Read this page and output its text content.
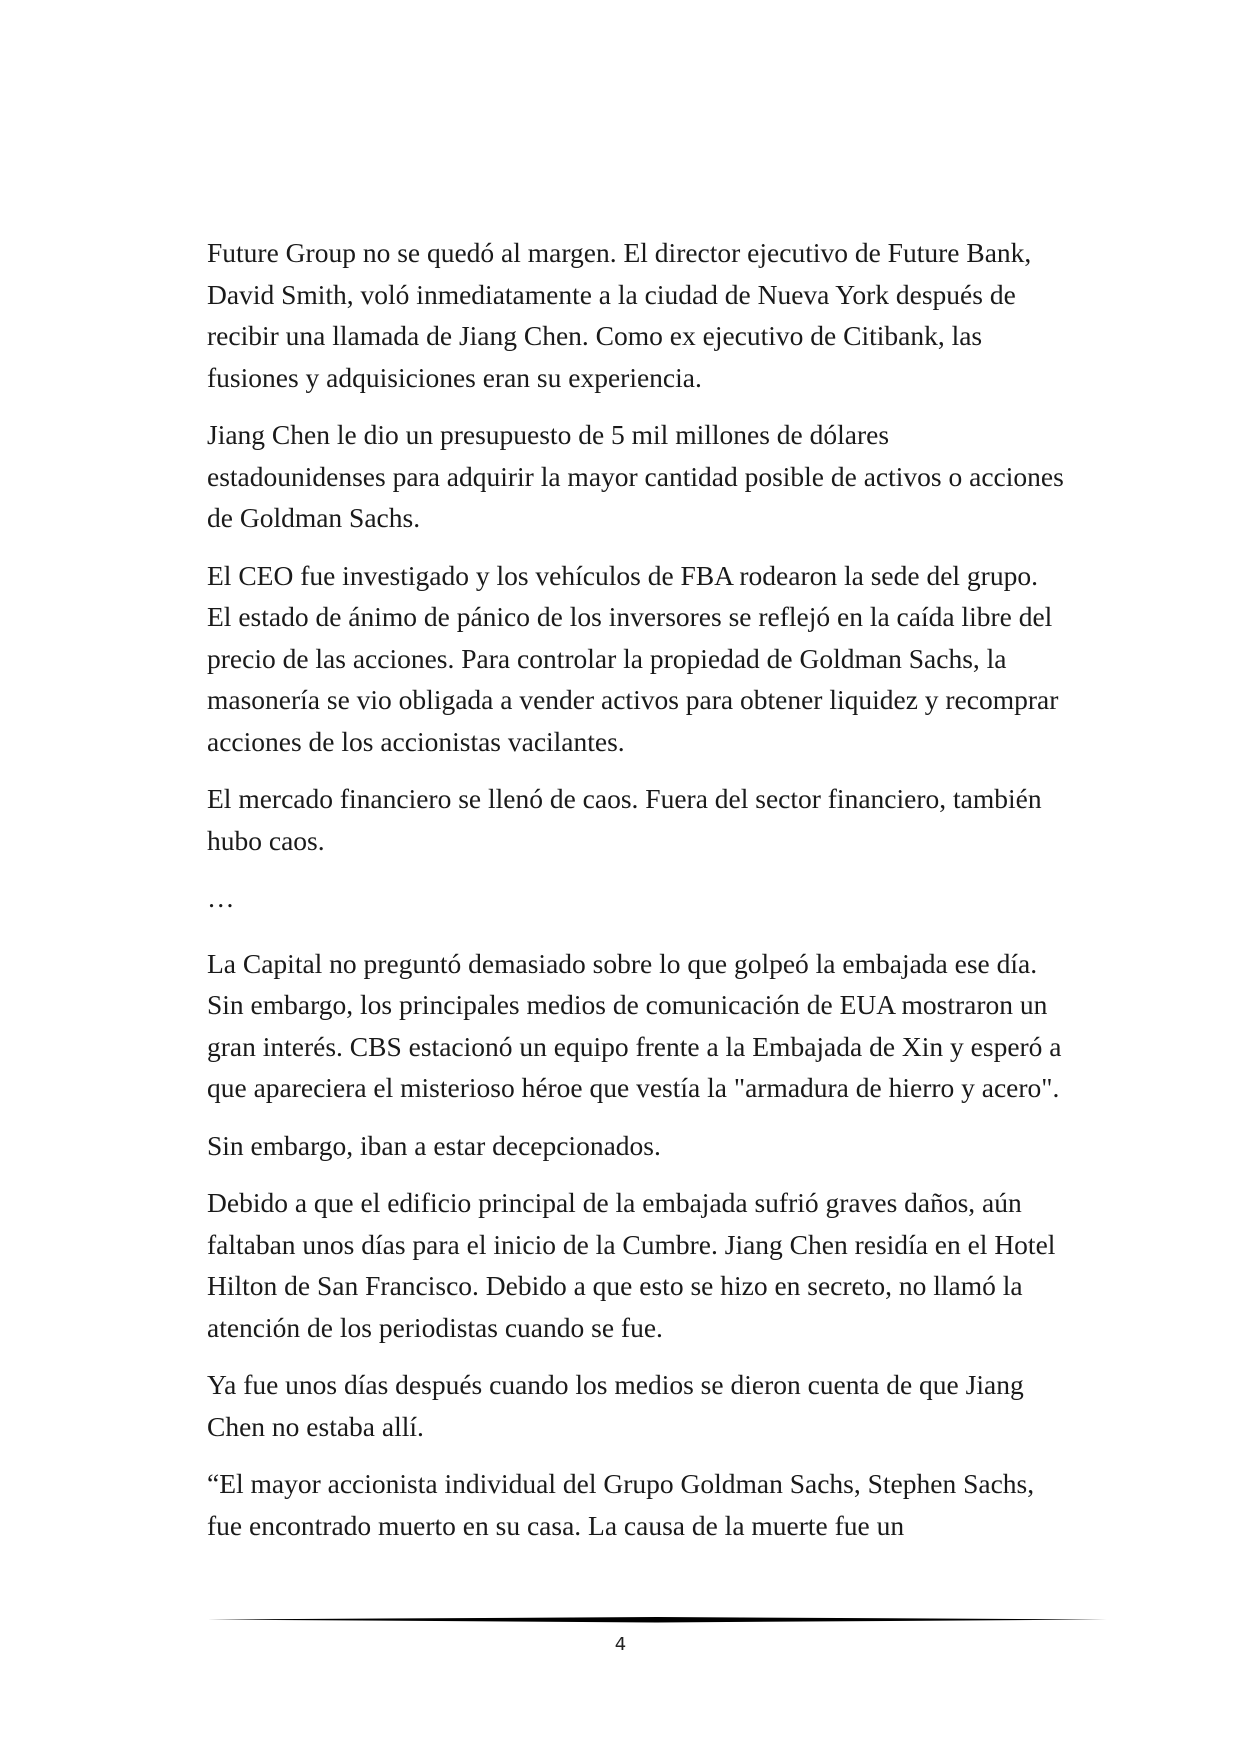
Future Group no se quedó al margen. El director ejecutivo de Future Bank, David Smith, voló inmediatamente a la ciudad de Nueva York después de recibir una llamada de Jiang Chen. Como ex ejecutivo de Citibank, las fusiones y adquisiciones eran su experiencia.

Jiang Chen le dio un presupuesto de 5 mil millones de dólares estadounidenses para adquirir la mayor cantidad posible de activos o acciones de Goldman Sachs.

El CEO fue investigado y los vehículos de FBA rodearon la sede del grupo. El estado de ánimo de pánico de los inversores se reflejó en la caída libre del precio de las acciones. Para controlar la propiedad de Goldman Sachs, la masonería se vio obligada a vender activos para obtener liquidez y recomprar acciones de los accionistas vacilantes.

El mercado financiero se llenó de caos. Fuera del sector financiero, también hubo caos.

…

La Capital no preguntó demasiado sobre lo que golpeó la embajada ese día. Sin embargo, los principales medios de comunicación de EUA mostraron un gran interés. CBS estacionó un equipo frente a la Embajada de Xin y esperó a que apareciera el misterioso héroe que vestía la "armadura de hierro y acero".

Sin embargo, iban a estar decepcionados.

Debido a que el edificio principal de la embajada sufrió graves daños, aún faltaban unos días para el inicio de la Cumbre. Jiang Chen residía en el Hotel Hilton de San Francisco. Debido a que esto se hizo en secreto, no llamó la atención de los periodistas cuando se fue.

Ya fue unos días después cuando los medios se dieron cuenta de que Jiang Chen no estaba allí.

“El mayor accionista individual del Grupo Goldman Sachs, Stephen Sachs, fue encontrado muerto en su casa. La causa de la muerte fue un

4
